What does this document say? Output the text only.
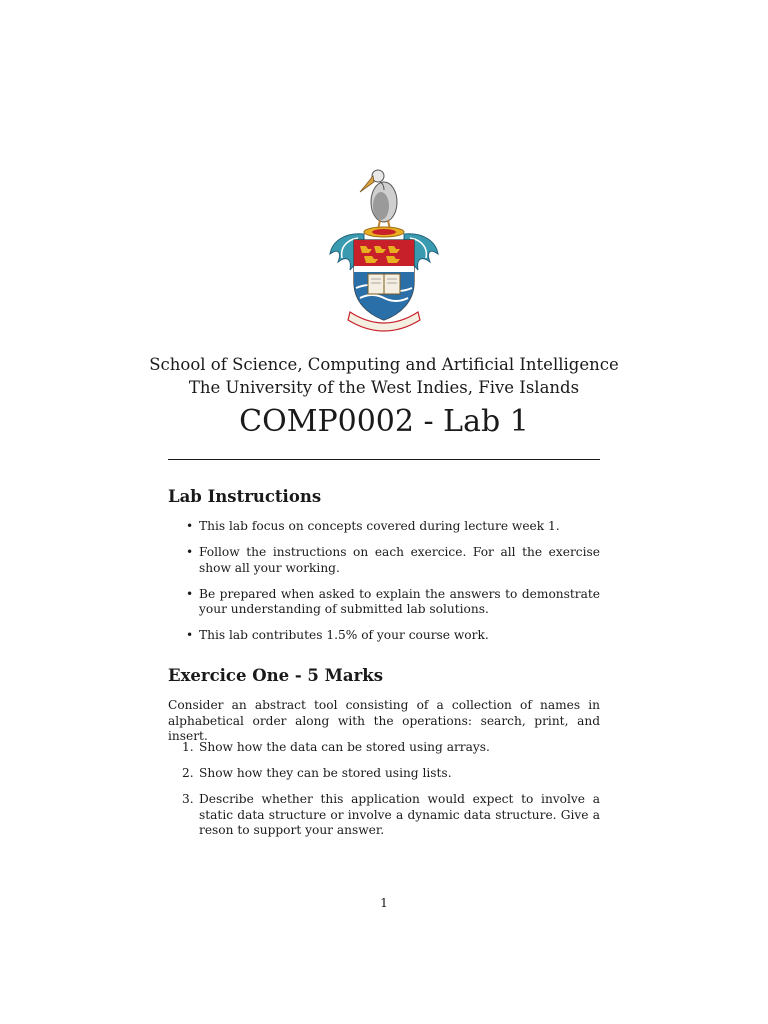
School of Science, Computing and Artificial Intelligence
The University of the West Indies, Five Islands
COMP0002 - Lab 1
Lab Instructions
• This lab focus on concepts covered during lecture week 1.
• Follow the instructions on each exercice. For all the exercise show all your working.
• Be prepared when asked to explain the answers to demonstrate your understanding of submitted lab solutions.
• This lab contributes 1.5% of your course work.
Exercice One - 5 Marks
Consider an abstract tool consisting of a collection of names in alphabetical order along with the operations: search, print, and insert.
1. Show how the data can be stored using arrays.
2. Show how they can be stored using lists.
3. Describe whether this application would expect to involve a static data structure or involve a dynamic data structure. Give a reson to support your answer.
1
